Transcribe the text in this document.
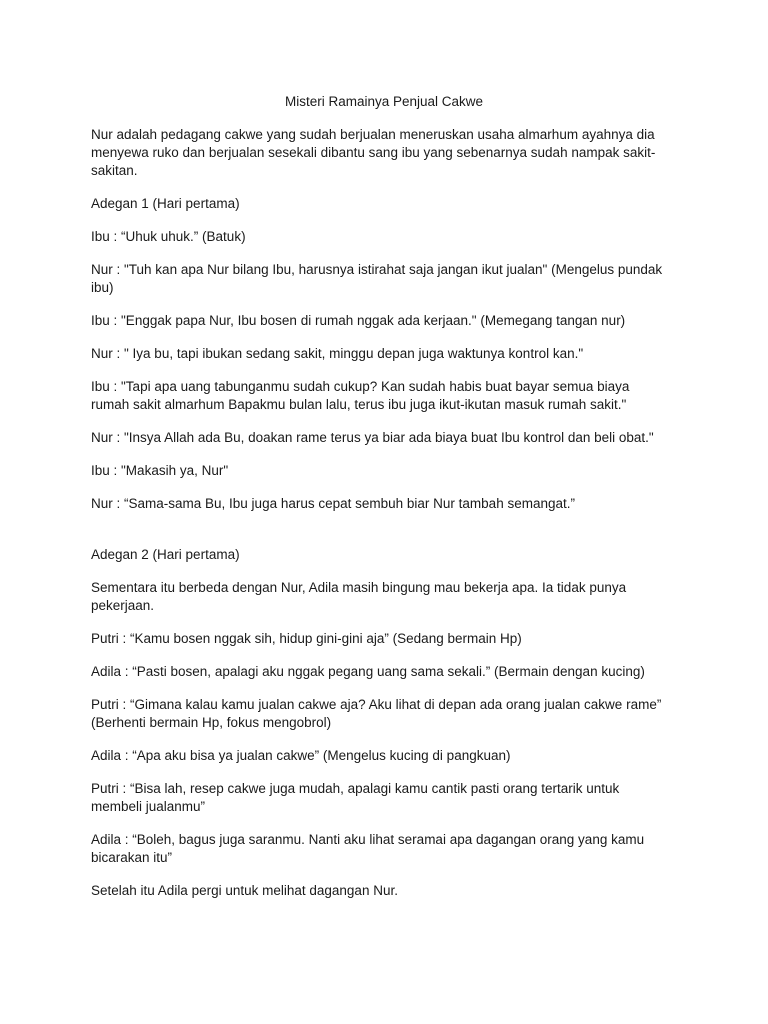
Misteri Ramainya Penjual Cakwe

Nur adalah pedagang cakwe yang sudah berjualan meneruskan usaha almarhum ayahnya dia menyewa ruko dan berjualan sesekali dibantu sang ibu yang sebenarnya sudah nampak sakit-sakitan.

Adegan 1 (Hari pertama)

Ibu : “Uhuk uhuk.” (Batuk)

Nur : "Tuh kan apa Nur bilang Ibu, harusnya istirahat saja jangan ikut jualan" (Mengelus pundak ibu)

Ibu : "Enggak papa Nur, Ibu bosen di rumah nggak ada kerjaan." (Memegang tangan nur)

Nur : " Iya bu, tapi ibukan sedang sakit, minggu depan juga waktunya kontrol kan."

Ibu : "Tapi apa uang tabunganmu sudah cukup? Kan sudah habis buat bayar semua biaya rumah sakit almarhum Bapakmu bulan lalu, terus ibu juga ikut-ikutan masuk rumah sakit."

Nur : "Insya Allah ada Bu, doakan rame terus ya biar ada biaya buat Ibu kontrol dan beli obat."

Ibu : "Makasih ya, Nur"

Nur : “Sama-sama Bu, Ibu juga harus cepat sembuh biar Nur tambah semangat.”

Adegan 2 (Hari pertama)

Sementara itu berbeda dengan Nur, Adila masih bingung mau bekerja apa. Ia tidak punya pekerjaan.

Putri : “Kamu bosen nggak sih, hidup gini-gini aja” (Sedang bermain Hp)

Adila : “Pasti bosen, apalagi aku nggak pegang uang sama sekali.” (Bermain dengan kucing)

Putri : “Gimana kalau kamu jualan cakwe aja? Aku lihat di depan ada orang jualan cakwe rame” (Berhenti bermain Hp, fokus mengobrol)

Adila : “Apa aku bisa ya jualan cakwe” (Mengelus kucing di pangkuan)

Putri : “Bisa lah, resep cakwe juga mudah, apalagi kamu cantik pasti orang tertarik untuk membeli jualanmu”

Adila : “Boleh, bagus juga saranmu. Nanti aku lihat seramai apa dagangan orang yang kamu bicarakan itu”

Setelah itu Adila pergi untuk melihat dagangan Nur.
